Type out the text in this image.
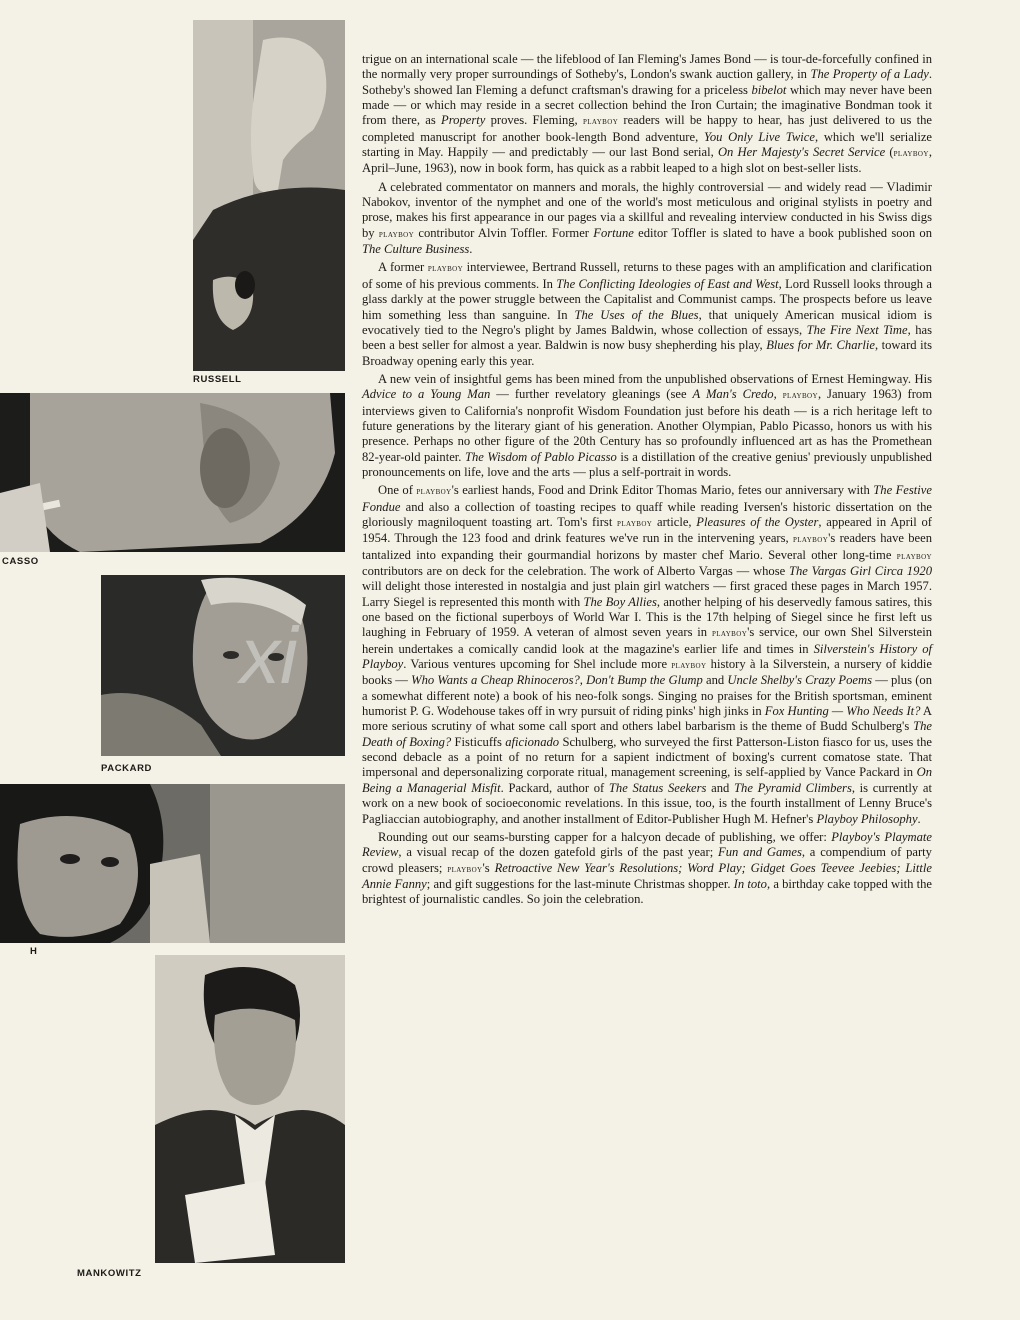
RUSSELL
CASSO
PACKARD
H
MANKOWITZ
xi

trigue on an international scale — the lifeblood of Ian Fleming's James Bond — is tour-de-forcefully confined in the normally very proper surroundings of Sotheby's, London's swank auction gallery, in The Property of a Lady. Sotheby's showed Ian Fleming a defunct craftsman's drawing for a priceless bibelot which may never have been made — or which may reside in a secret collection behind the Iron Curtain; the imaginative Bondman took it from there, as Property proves. Fleming, playboy readers will be happy to hear, has just delivered to us the completed manuscript for another book-length Bond adventure, You Only Live Twice, which we'll serialize starting in May. Happily — and predictably — our last Bond serial, On Her Majesty's Secret Service (playboy, April–June, 1963), now in book form, has quick as a rabbit leaped to a high slot on best-seller lists.

A celebrated commentator on manners and morals, the highly controversial — and widely read — Vladimir Nabokov, inventor of the nymphet and one of the world's most meticulous and original stylists in poetry and prose, makes his first appearance in our pages via a skillful and revealing interview conducted in his Swiss digs by playboy contributor Alvin Toffler. Former Fortune editor Toffler is slated to have a book published soon on The Culture Business.

A former playboy interviewee, Bertrand Russell, returns to these pages with an amplification and clarification of some of his previous comments. In The Conflicting Ideologies of East and West, Lord Russell looks through a glass darkly at the power struggle between the Capitalist and Communist camps. The prospects before us leave him something less than sanguine. In The Uses of the Blues, that uniquely American musical idiom is evocatively tied to the Negro's plight by James Baldwin, whose collection of essays, The Fire Next Time, has been a best seller for almost a year. Baldwin is now busy shepherding his play, Blues for Mr. Charlie, toward its Broadway opening early this year.

A new vein of insightful gems has been mined from the unpublished observations of Ernest Hemingway. His Advice to a Young Man — further revelatory gleanings (see A Man's Credo, playboy, January 1963) from interviews given to California's nonprofit Wisdom Foundation just before his death — is a rich heritage left to future generations by the literary giant of his generation. Another Olympian, Pablo Picasso, honors us with his presence. Perhaps no other figure of the 20th Century has so profoundly influenced art as has the Promethean 82-year-old painter. The Wisdom of Pablo Picasso is a distillation of the creative genius' previously unpublished pronouncements on life, love and the arts — plus a self-portrait in words.

One of playboy's earliest hands, Food and Drink Editor Thomas Mario, fetes our anniversary with The Festive Fondue and also a collection of toasting recipes to quaff while reading Iversen's historic dissertation on the gloriously magniloquent toasting art. Tom's first playboy article, Pleasures of the Oyster, appeared in April of 1954. Through the 123 food and drink features we've run in the intervening years, playboy's readers have been tantalized into expanding their gourmandial horizons by master chef Mario. Several other long-time playboy contributors are on deck for the celebration. The work of Alberto Vargas — whose The Vargas Girl Circa 1920 will delight those interested in nostalgia and just plain girl watchers — first graced these pages in March 1957. Larry Siegel is represented this month with The Boy Allies, another helping of his deservedly famous satires, this one based on the fictional superboys of World War I. This is the 17th helping of Siegel since he first left us laughing in February of 1959. A veteran of almost seven years in playboy's service, our own Shel Silverstein herein undertakes a comically candid look at the magazine's earlier life and times in Silverstein's History of Playboy. Various ventures upcoming for Shel include more playboy history à la Silverstein, a nursery of kiddie books — Who Wants a Cheap Rhinoceros?, Don't Bump the Glump and Uncle Shelby's Crazy Poems — plus (on a somewhat different note) a book of his neo-folk songs. Singing no praises for the British sportsman, eminent humorist P. G. Wodehouse takes off in wry pursuit of riding pinks' high jinks in Fox Hunting — Who Needs It? A more serious scrutiny of what some call sport and others label barbarism is the theme of Budd Schulberg's The Death of Boxing? Fisticuffs aficionado Schulberg, who surveyed the first Patterson-Liston fiasco for us, uses the second debacle as a point of no return for a sapient indictment of boxing's current comatose state. That impersonal and depersonalizing corporate ritual, management screening, is self-applied by Vance Packard in On Being a Managerial Misfit. Packard, author of The Status Seekers and The Pyramid Climbers, is currently at work on a new book of socioeconomic revelations. In this issue, too, is the fourth installment of Lenny Bruce's Pagliaccian autobiography, and another installment of Editor-Publisher Hugh M. Hefner's Playboy Philosophy.

Rounding out our seams-bursting capper for a halcyon decade of publishing, we offer: Playboy's Playmate Review, a visual recap of the dozen gatefold girls of the past year; Fun and Games, a compendium of party crowd pleasers; playboy's Retroactive New Year's Resolutions; Word Play; Gidget Goes Teevee Jeebies; Little Annie Fanny; and gift suggestions for the last-minute Christmas shopper. In toto, a birthday cake topped with the brightest of journalistic candles. So join the celebration.
